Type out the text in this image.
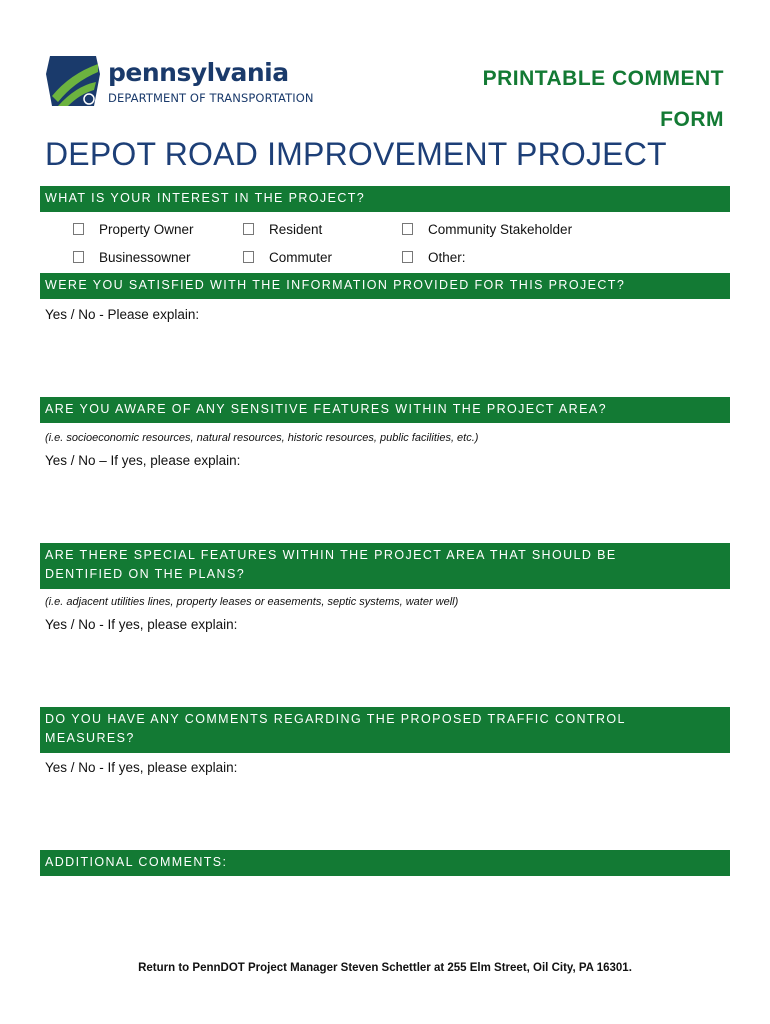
pennsylvania
DEPARTMENT OF TRANSPORTATION
PRINTABLE COMMENT
FORM
DEPOT ROAD IMPROVEMENT PROJECT
WHAT IS YOUR INTEREST IN THE PROJECT?
Property Owner	Resident	Community Stakeholder
Businessowner	Commuter	Other:
WERE YOU SATISFIED WITH THE INFORMATION PROVIDED FOR THIS PROJECT?
Yes / No - Please explain:
ARE YOU AWARE OF ANY SENSITIVE FEATURES WITHIN THE PROJECT AREA?
(i.e. socioeconomic resources, natural resources, historic resources, public facilities, etc.)
Yes / No – If yes, please explain:
ARE THERE SPECIAL FEATURES WITHIN THE PROJECT AREA THAT SHOULD BE
DENTIFIED ON THE PLANS?
(i.e. adjacent utilities lines, property leases or easements, septic systems, water well)
Yes / No - If yes, please explain:
DO YOU HAVE ANY COMMENTS REGARDING THE PROPOSED TRAFFIC CONTROL
MEASURES?
Yes / No - If yes, please explain:
ADDITIONAL COMMENTS:
Return to PennDOT Project Manager Steven Schettler at 255 Elm Street, Oil City, PA 16301.
